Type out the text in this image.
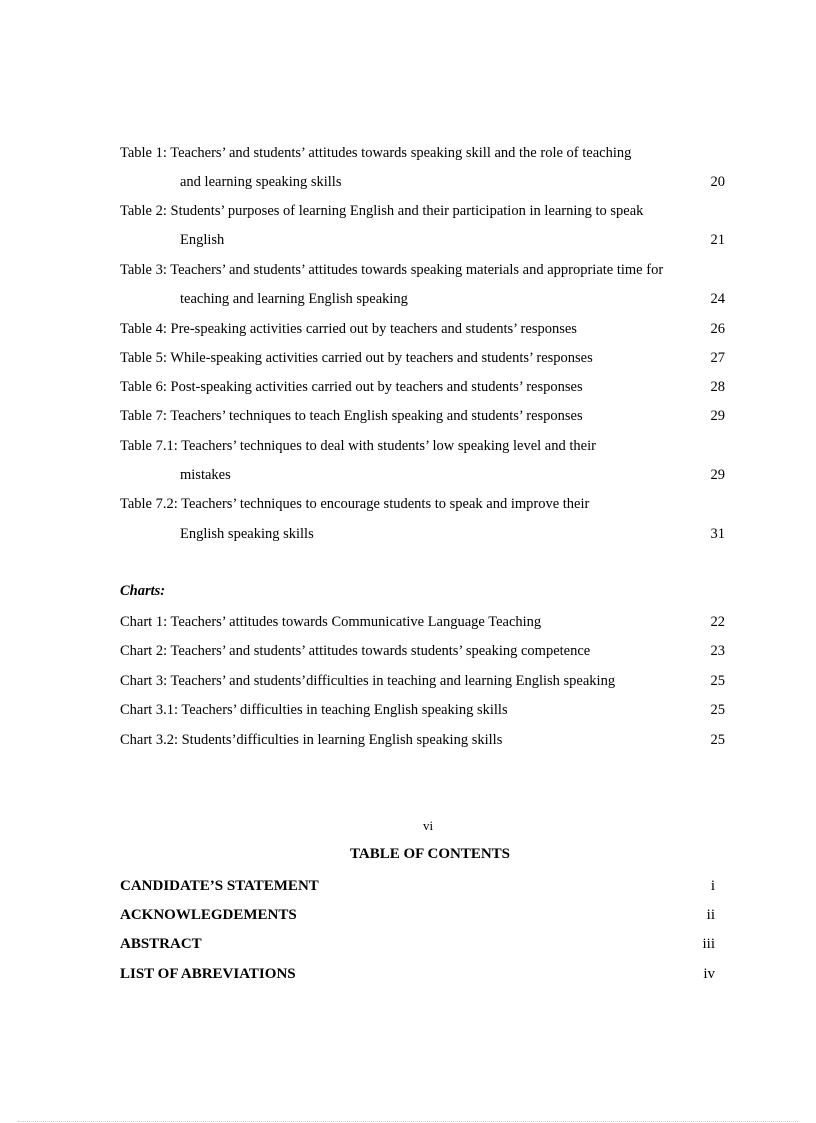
Table 1: Teachers’ and students’ attitudes towards speaking skill and the role of teaching
and learning speaking skills	20
Table 2: Students’ purposes of learning English and their participation in learning to speak
English	21
Table 3: Teachers’ and students’ attitudes towards speaking materials and appropriate time for
teaching and learning English speaking	24
Table 4: Pre-speaking activities carried out by teachers and students’ responses	26
Table 5: While-speaking activities carried out by teachers and students’ responses	27
Table 6: Post-speaking activities carried out by teachers and students’ responses	28
Table 7: Teachers’ techniques to teach English speaking and students’ responses	29
Table 7.1: Teachers’ techniques to deal with students’ low speaking level and their
mistakes	29
Table 7.2: Teachers’ techniques to encourage students to speak and improve their
English speaking skills	31
Charts:
Chart 1: Teachers’ attitudes towards Communicative Language Teaching	22
Chart 2: Teachers’ and students’ attitudes towards students’ speaking competence	23
Chart 3: Teachers’ and students’difficulties in teaching and learning English speaking	25
Chart 3.1: Teachers’ difficulties in teaching English speaking skills	25
Chart 3.2: Students’difficulties in learning English speaking skills	25
vi
TABLE OF CONTENTS
CANDIDATE’S STATEMENT	i
ACKNOWLEGDEMENTS	ii
ABSTRACT	iii
LIST OF ABREVIATIONS	iv
